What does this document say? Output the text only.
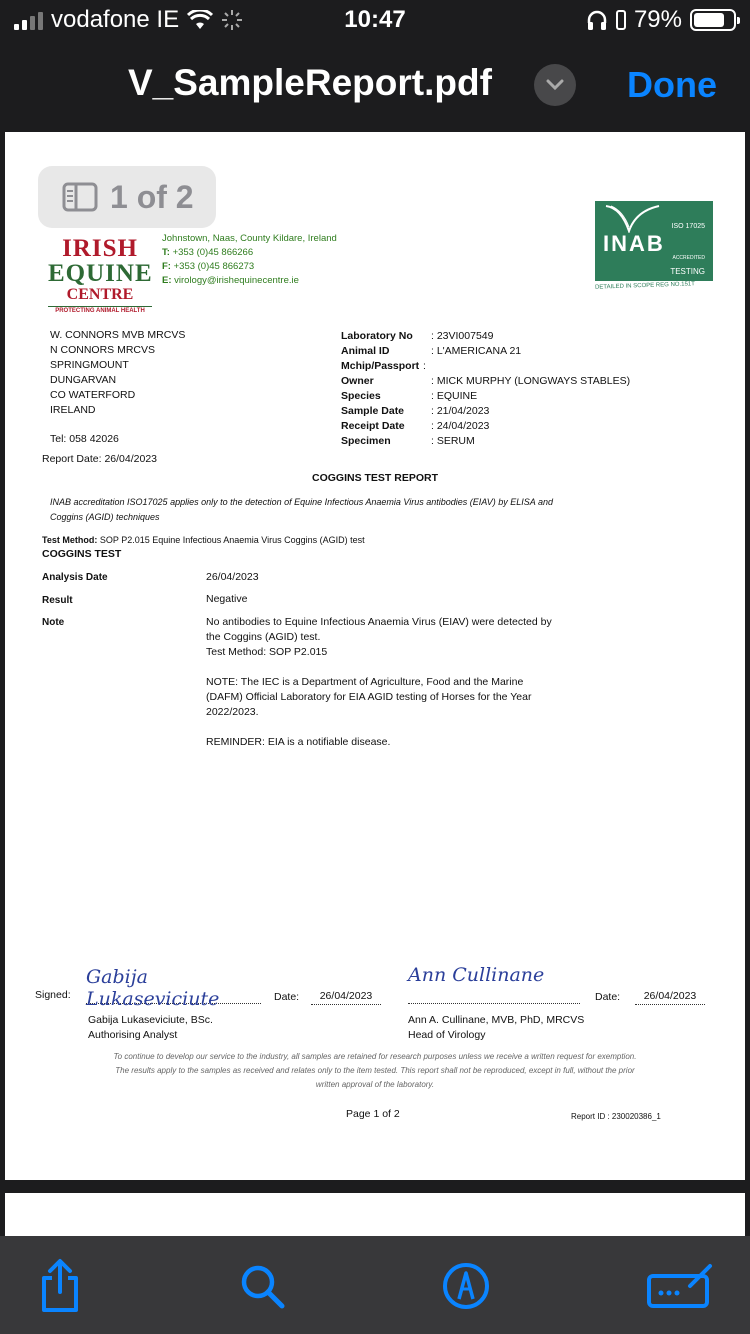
vodafone IE	10:47	79%
V_SampleReport.pdf	Done
1 of 2
IRISH
EQUINE
CENTRE
PROTECTING ANIMAL HEALTH
Johnstown, Naas, County Kildare, Ireland
T: +353 (0)45 866266
F: +353 (0)45 866273
E: virology@irishequinecentre.ie
ISO 17025
INAB
ACCREDITED
TESTING
DETAILED IN SCOPE REG NO.151T
W. CONNORS MVB MRCVS
N CONNORS MRCVS
SPRINGMOUNT
DUNGARVAN
CO WATERFORD
IRELAND
Tel: 058 42026
Report Date: 26/04/2023
Laboratory No	: 23VI007549
Animal ID	: L'AMERICANA 21
Mchip/Passport :
Owner	: MICK MURPHY (LONGWAYS STABLES)
Species	: EQUINE
Sample Date	: 21/04/2023
Receipt Date	: 24/04/2023
Specimen	: SERUM
COGGINS TEST REPORT
INAB accreditation ISO17025 applies only to the detection of Equine Infectious Anaemia Virus antibodies (EIAV) by ELISA and
Coggins (AGID) techniques
Test Method: SOP P2.015 Equine Infectious Anaemia Virus Coggins (AGID) test
COGGINS TEST
Analysis Date	26/04/2023
Result	Negative
Note	No antibodies to Equine Infectious Anaemia Virus (EIAV) were detected by
the Coggins (AGID) test.
Test Method: SOP P2.015
NOTE: The IEC is a Department of Agriculture, Food and the Marine
(DAFM) Official Laboratory for EIA AGID testing of Horses for the Year
2022/2023.
REMINDER: EIA is a notifiable disease.
Signed:
Gabija Lukaseviciute	Date:	26/04/2023
Gabija Lukaseviciute, BSc.
Authorising Analyst
Ann Cullinane
Date:	26/04/2023
Ann A. Cullinane, MVB, PhD, MRCVS
Head of Virology
To continue to develop our service to the industry, all samples are retained for research purposes unless we receive a written request for exemption.
The results apply to the samples as received and relates only to the item tested. This report shall not be reproduced, except in full, without the prior
written approval of the laboratory.
Page 1 of 2	Report ID : 230020386_1
